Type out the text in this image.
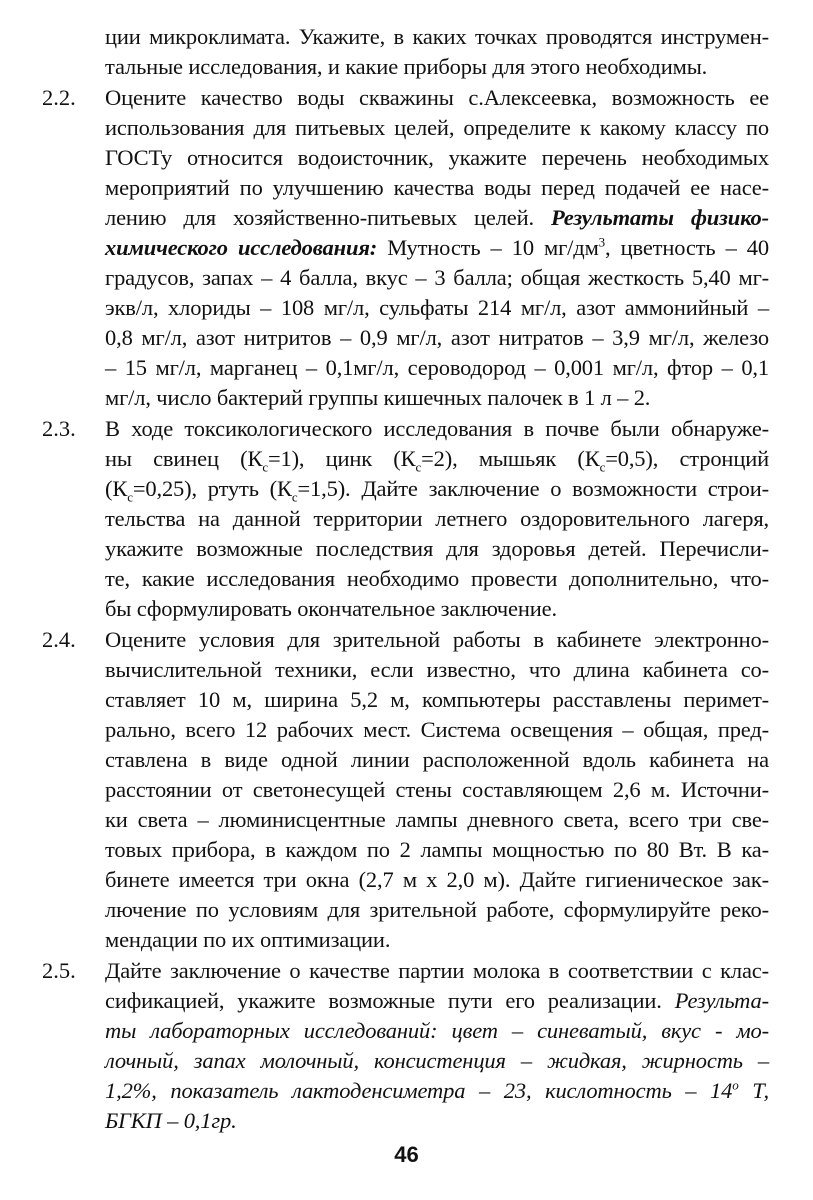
ции микроклимата. Укажите, в каких точках проводятся инструмен-
тальные исследования, и какие приборы для этого необходимы.
2.2. Оцените качество воды скважины с.Алексеевка, возможность ее
использования для питьевых целей, определите к какому классу по
ГОСТу относится водоисточник, укажите перечень необходимых
мероприятий по улучшению качества воды перед подачей ее насе-
лению для хозяйственно-питьевых целей. Результаты физико-
химического исследования: Мутность – 10 $мг/дм^3$, цветность – 40
градусов, запах – 4 балла, вкус – 3 балла; общая жесткость 5,40 мг-
экв/л, хлориды – 108 мг/л, сульфаты 214 мг/л, азот аммонийный –
0,8 мг/л, азот нитритов – 0,9 мг/л, азот нитратов – 3,9 мг/л, железо
– 15 мг/л, марганец – 0,1мг/л, сероводород – 0,001 мг/л, фтор – 0,1
мг/л, число бактерий группы кишечных палочек в 1 л – 2.
2.3. В ходе токсикологического исследования в почве были обнаруже-
ны свинец $(К_c=1)$, цинк $(К_c=2)$, мышьяк $(К_c=0,5)$, стронций
$(К_c=0,25)$, ртуть $(К_c=1,5)$. Дайте заключение о возможности строи-
тельства на данной территории летнего оздоровительного лагеря,
укажите возможные последствия для здоровья детей. Перечисли-
те, какие исследования необходимо провести дополнительно, что-
бы сформулировать окончательное заключение.
2.4. Оцените условия для зрительной работы в кабинете электронно-
вычислительной техники, если известно, что длина кабинета со-
ставляет 10 м, ширина 5,2 м, компьютеры расставлены перимет-
рально, всего 12 рабочих мест. Система освещения – общая, пред-
ставлена в виде одной линии расположенной вдоль кабинета на
расстоянии от светонесущей стены составляющем 2,6 м. Источни-
ки света – люминисцентные лампы дневного света, всего три све-
товых прибора, в каждом по 2 лампы мощностью по 80 Вт. В ка-
бинете имеется три окна (2,7 м х 2,0 м). Дайте гигиеническое зак-
лючение по условиям для зрительной работе, сформулируйте реко-
мендации по их оптимизации.
2.5. Дайте заключение о качестве партии молока в соответствии с клас-
сификацией, укажите возможные пути его реализации. Результа-
ты лабораторных исследований: цвет – синеватый, вкус - мо-
лочный, запах молочный, консистенция – жидкая, жирность –
1,2%, показатель лактоденсиметра – 23, кислотность – 14$^o$ Т,
БГКП – 0,1гр.
46
